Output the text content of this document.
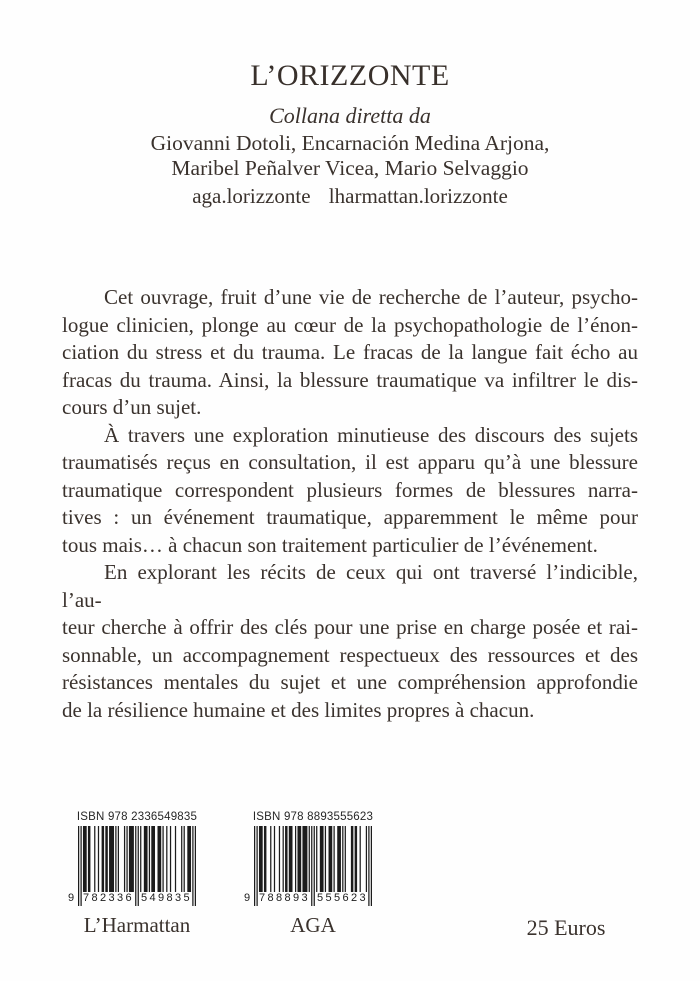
L’ORIZZONTE

Collana diretta da

Giovanni Dotoli, Encarnación Medina Arjona,

Maribel Peñalver Vicea, Mario Selvaggio

aga.lorizzonte lharmattan.lorizzonte

Cet ouvrage, fruit d’une vie de recherche de l’auteur, psycho-
logue clinicien, plonge au cœur de la psychopathologie de l’énon-
ciation du stress et du trauma. Le fracas de la langue fait écho au
fracas du trauma. Ainsi, la blessure traumatique va infiltrer le dis-
cours d’un sujet.
À travers une exploration minutieuse des discours des sujets
traumatisés reçus en consultation, il est apparu qu’à une blessure
traumatique correspondent plusieurs formes de blessures narra-
tives : un événement traumatique, apparemment le même pour
tous mais… à chacun son traitement particulier de l’événement.
En explorant les récits de ceux qui ont traversé l’indicible, l’au-
teur cherche à offrir des clés pour une prise en charge posée et rai-
sonnable, un accompagnement respectueux des ressources et des
résistances mentales du sujet et une compréhension approfondie
de la résilience humaine et des limites propres à chacun.
ISBN 978 2336549835
9 782336 549835
L’Harmattan
ISBN 978 8893555623
9 788893 555623
AGA	25 Euros
